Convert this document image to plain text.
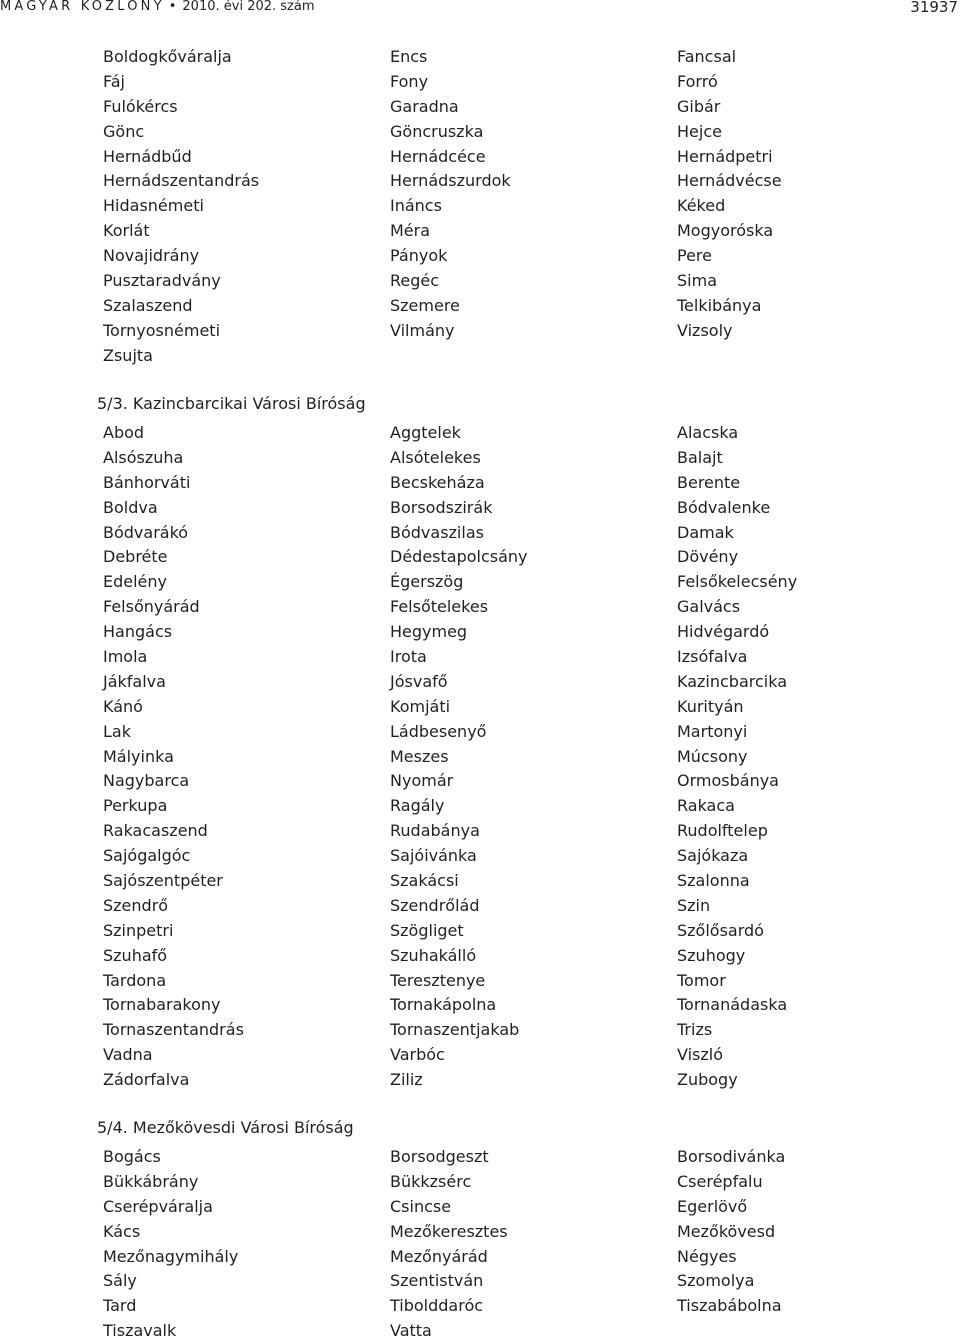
MAGYAR KÖZLÖNY • 2010. évi 202. szám	31937
Boldogkőváralja	Encs	Fancsal
Fáj	Fony	Forró
Fulókércs	Garadna	Gibár
Gönc	Göncruszka	Hejce
Hernádbűd	Hernádcéce	Hernádpetri
Hernádszentandrás	Hernádszurdok	Hernádvécse
Hidasnémeti	Ináncs	Kéked
Korlát	Méra	Mogyoróska
Novajidrány	Pányok	Pere
Pusztaradvány	Regéc	Sima
Szalaszend	Szemere	Telkibánya
Tornyosnémeti	Vilmány	Vizsoly
Zsujta
5/3. Kazincbarcikai Városi Bíróság
Abod	Aggtelek	Alacska
Alsószuha	Alsótelekes	Balajt
Bánhorváti	Becskeháza	Berente
Boldva	Borsodszirák	Bódvalenke
Bódvarákó	Bódvaszilas	Damak
Debréte	Dédestapolcsány	Dövény
Edelény	Égerszög	Felsőkelecsény
Felsőnyárád	Felsőtelekes	Galvács
Hangács	Hegymeg	Hidvégardó
Imola	Irota	Izsófalva
Jákfalva	Jósvafő	Kazincbarcika
Kánó	Komjáti	Kurityán
Lak	Ládbesenyő	Martonyi
Mályinka	Meszes	Múcsony
Nagybarca	Nyomár	Ormosbánya
Perkupa	Ragály	Rakaca
Rakacaszend	Rudabánya	Rudolftelep
Sajógalgóc	Sajóivánka	Sajókaza
Sajószentpéter	Szakácsi	Szalonna
Szendrő	Szendrőlád	Szin
Szinpetri	Szögliget	Szőlősardó
Szuhafő	Szuhakálló	Szuhogy
Tardona	Teresztenye	Tomor
Tornabarakony	Tornakápolna	Tornanádaska
Tornaszentandrás	Tornaszentjakab	Trizs
Vadna	Varbóc	Viszló
Zádorfalva	Ziliz	Zubogy
5/4. Mezőkövesdi Városi Bíróság
Bogács	Borsodgeszt	Borsodivánka
Bükkábrány	Bükkzsérc	Cserépfalu
Cserépváralja	Csincse	Egerlövő
Kács	Mezőkeresztes	Mezőkövesd
Mezőnagymihály	Mezőnyárád	Négyes
Sály	Szentistván	Szomolya
Tard	Tibolddaróc	Tiszabábolna
Tiszavalk	Vatta
